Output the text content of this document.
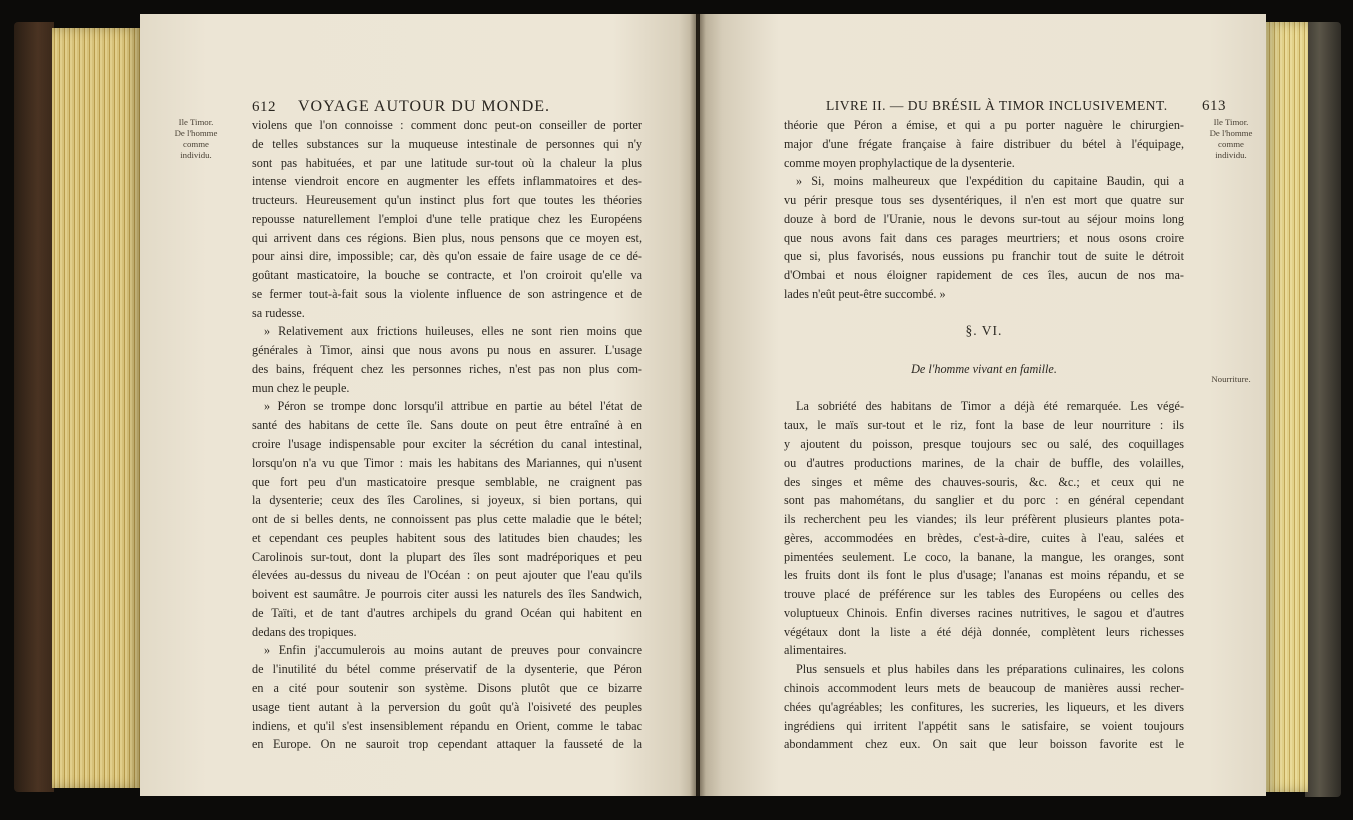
612 VOYAGE AUTOUR DU MONDE.
Ile Timor.
De l'homme
comme
individu.
violens que l'on connoisse : comment donc peut-on conseiller de porter
de telles substances sur la muqueuse intestinale de personnes qui n'y
sont pas habituées, et par une latitude sur-tout où la chaleur la plus
intense viendroit encore en augmenter les effets inflammatoires et des-
tructeurs. Heureusement qu'un instinct plus fort que toutes les théories
repousse naturellement l'emploi d'une telle pratique chez les Européens
qui arrivent dans ces régions. Bien plus, nous pensons que ce moyen est,
pour ainsi dire, impossible; car, dès qu'on essaie de faire usage de ce dé-
goûtant masticatoire, la bouche se contracte, et l'on croiroit qu'elle va
se fermer tout-à-fait sous la violente influence de son astringence et de
sa rudesse.
» Relativement aux frictions huileuses, elles ne sont rien moins que
générales à Timor, ainsi que nous avons pu nous en assurer. L'usage
des bains, fréquent chez les personnes riches, n'est pas non plus com-
mun chez le peuple.
» Péron se trompe donc lorsqu'il attribue en partie au bétel l'état de
santé des habitans de cette île. Sans doute on peut être entraîné à en
croire l'usage indispensable pour exciter la sécrétion du canal intestinal,
lorsqu'on n'a vu que Timor : mais les habitans des Mariannes, qui n'usent
que fort peu d'un masticatoire presque semblable, ne craignent pas
la dysenterie; ceux des îles Carolines, si joyeux, si bien portans, qui
ont de si belles dents, ne connoissent pas plus cette maladie que le bétel;
et cependant ces peuples habitent sous des latitudes bien chaudes; les
Carolinois sur-tout, dont la plupart des îles sont madréporiques et peu
élevées au-dessus du niveau de l'Océan : on peut ajouter que l'eau qu'ils
boivent est saumâtre. Je pourrois citer aussi les naturels des îles Sandwich,
de Taïti, et de tant d'autres archipels du grand Océan qui habitent en
dedans des tropiques.
» Enfin j'accumulerois au moins autant de preuves pour convaincre
de l'inutilité du bétel comme préservatif de la dysenterie, que Péron
en a cité pour soutenir son système. Disons plutôt que ce bizarre
usage tient autant à la perversion du goût qu'à l'oisiveté des peuples
indiens, et qu'il s'est insensiblement répandu en Orient, comme le tabac
en Europe. On ne sauroit trop cependant attaquer la fausseté de la
LIVRE II. — DU BRÉSIL À TIMOR INCLUSIVEMENT. 613
Ile Timor.
De l'homme
comme
individu.
Nourriture.
théorie que Péron a émise, et qui a pu porter naguère le chirurgien-
major d'une frégate française à faire distribuer du bétel à l'équipage,
comme moyen prophylactique de la dysenterie.
» Si, moins malheureux que l'expédition du capitaine Baudin, qui a
vu périr presque tous ses dysentériques, il n'en est mort que quatre sur
douze à bord de l'Uranie, nous le devons sur-tout au séjour moins long
que nous avons fait dans ces parages meurtriers; et nous osons croire
que si, plus favorisés, nous eussions pu franchir tout de suite le détroit
d'Ombai et nous éloigner rapidement de ces îles, aucun de nos ma-
lades n'eût peut-être succombé. »
§. VI.
De l'homme vivant en famille.
La sobriété des habitans de Timor a déjà été remarquée. Les végé-
taux, le maïs sur-tout et le riz, font la base de leur nourriture : ils
y ajoutent du poisson, presque toujours sec ou salé, des coquillages
ou d'autres productions marines, de la chair de buffle, des volailles,
des singes et même des chauves-souris, &c. &c.; et ceux qui ne
sont pas mahométans, du sanglier et du porc : en général cependant
ils recherchent peu les viandes; ils leur préfèrent plusieurs plantes pota-
gères, accommodées en brèdes, c'est-à-dire, cuites à l'eau, salées et
pimentées seulement. Le coco, la banane, la mangue, les oranges, sont
les fruits dont ils font le plus d'usage; l'ananas est moins répandu, et se
trouve placé de préférence sur les tables des Européens ou celles des
voluptueux Chinois. Enfin diverses racines nutritives, le sagou et d'autres
végétaux dont la liste a été déjà donnée, complètent leurs richesses
alimentaires.
Plus sensuels et plus habiles dans les préparations culinaires, les colons
chinois accommodent leurs mets de beaucoup de manières aussi recher-
chées qu'agréables; les confitures, les sucreries, les liqueurs, et les divers
ingrédiens qui irritent l'appétit sans le satisfaire, se voient toujours
abondamment chez eux. On sait que leur boisson favorite est le
